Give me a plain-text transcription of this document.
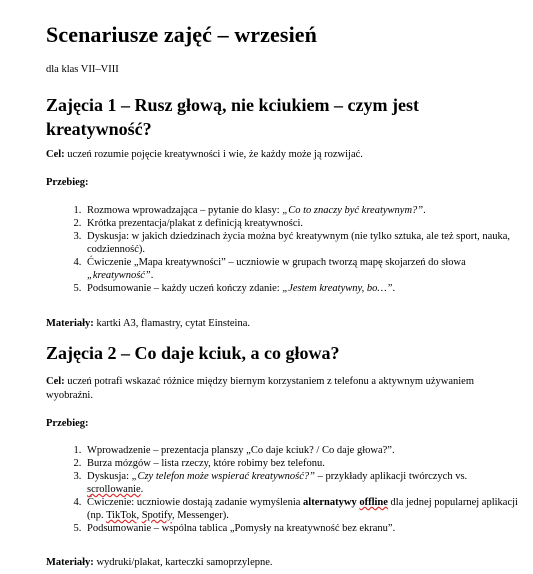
Scenariusze zajęć – wrzesień
dla klas VII–VIII
Zajęcia 1 – Rusz głową, nie kciukiem – czym jest kreatywność?
Cel: uczeń rozumie pojęcie kreatywności i wie, że każdy może ją rozwijać.
Przebieg:
1. Rozmowa wprowadzająca – pytanie do klasy: „Co to znaczy być kreatywnym?”.
2. Krótka prezentacja/plakat z definicją kreatywności.
3. Dyskusja: w jakich dziedzinach życia można być kreatywnym (nie tylko sztuka, ale też sport, nauka, codzienność).
4. Ćwiczenie „Mapa kreatywności” – uczniowie w grupach tworzą mapę skojarzeń do słowa „kreatywność”.
5. Podsumowanie – każdy uczeń kończy zdanie: „Jestem kreatywny, bo…”.
Materiały: kartki A3, flamastry, cytat Einsteina.
Zajęcia 2 – Co daje kciuk, a co głowa?
Cel: uczeń potrafi wskazać różnice między biernym korzystaniem z telefonu a aktywnym używaniem wyobraźni.
Przebieg:
1. Wprowadzenie – prezentacja planszy „Co daje kciuk? / Co daje głowa?”.
2. Burza mózgów – lista rzeczy, które robimy bez telefonu.
3. Dyskusja: „Czy telefon może wspierać kreatywność?” – przykłady aplikacji twórczych vs. scrollowanie.
4. Ćwiczenie: uczniowie dostają zadanie wymyślenia alternatywy offline dla jednej popularnej aplikacji (np. TikTok, Spotify, Messenger).
5. Podsumowanie – wspólna tablica „Pomysły na kreatywność bez ekranu”.
Materiały: wydruki/plakat, karteczki samoprzylepne.
